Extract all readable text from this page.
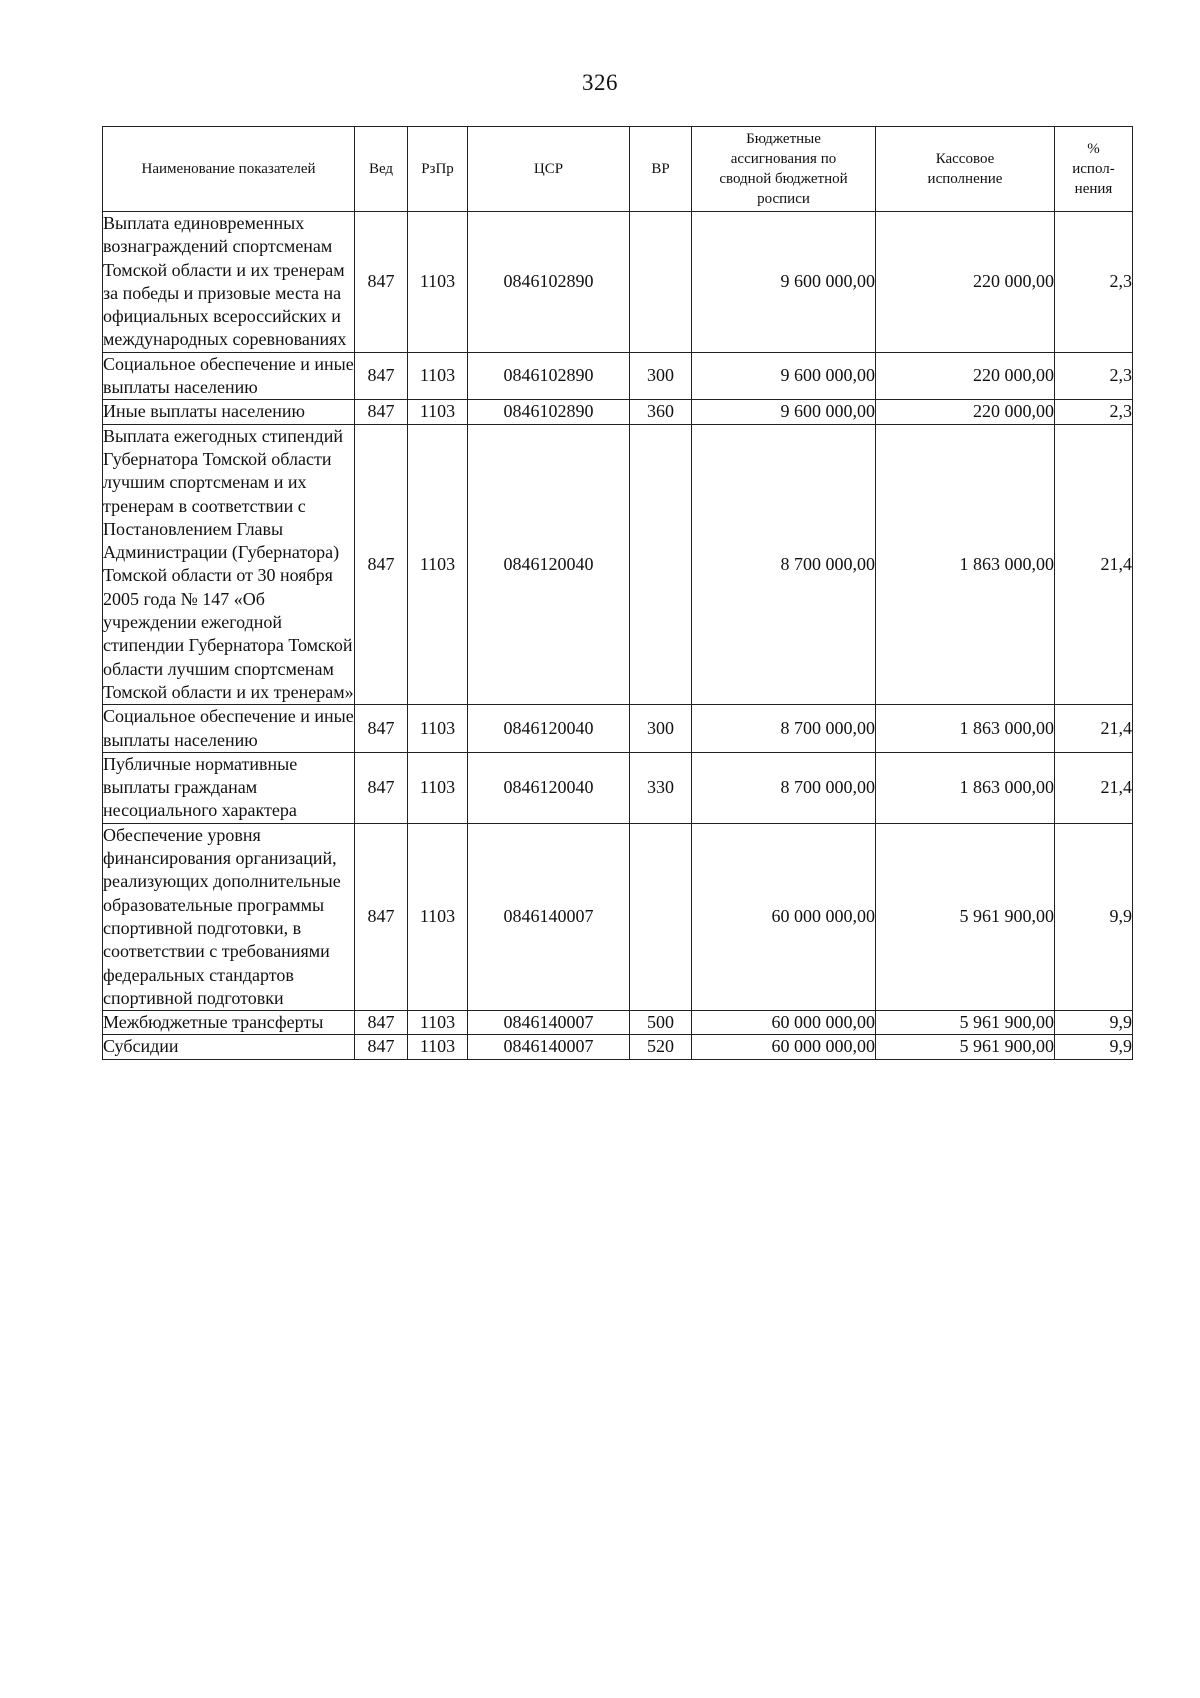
326
Наименование показателей	Вед	РзПр	ЦСР	ВР	Бюджетные ассигнования по сводной бюджетной росписи	Кассовое исполнение	%
испол-
нения

Выплата единовременных вознаграждений спортсменам Томской области и их тренерам за победы и призовые места на официальных всероссийских и международных соревнованиях	847	1103	0846102890		9 600 000,00	220 000,00	2,3
Социальное обеспечение и иные выплаты населению	847	1103	0846102890	300	9 600 000,00	220 000,00	2,3
Иные выплаты населению	847	1103	0846102890	360	9 600 000,00	220 000,00	2,3
Выплата ежегодных стипендий Губернатора Томской области лучшим спортсменам и их тренерам в соответствии с Постановлением Главы Администрации (Губернатора) Томской области от 30 ноября 2005 года № 147 «Об учреждении ежегодной стипендии Губернатора Томской области лучшим спортсменам Томской области и их тренерам»	847	1103	0846120040		8 700 000,00	1 863 000,00	21,4
Социальное обеспечение и иные выплаты населению	847	1103	0846120040	300	8 700 000,00	1 863 000,00	21,4
Публичные нормативные выплаты гражданам несоциального характера	847	1103	0846120040	330	8 700 000,00	1 863 000,00	21,4
Обеспечение уровня финансирования организаций, реализующих дополнительные образовательные программы спортивной подготовки, в соответствии с требованиями федеральных стандартов спортивной подготовки	847	1103	0846140007		60 000 000,00	5 961 900,00	9,9
Межбюджетные трансферты	847	1103	0846140007	500	60 000 000,00	5 961 900,00	9,9
Субсидии	847	1103	0846140007	520	60 000 000,00	5 961 900,00	9,9
